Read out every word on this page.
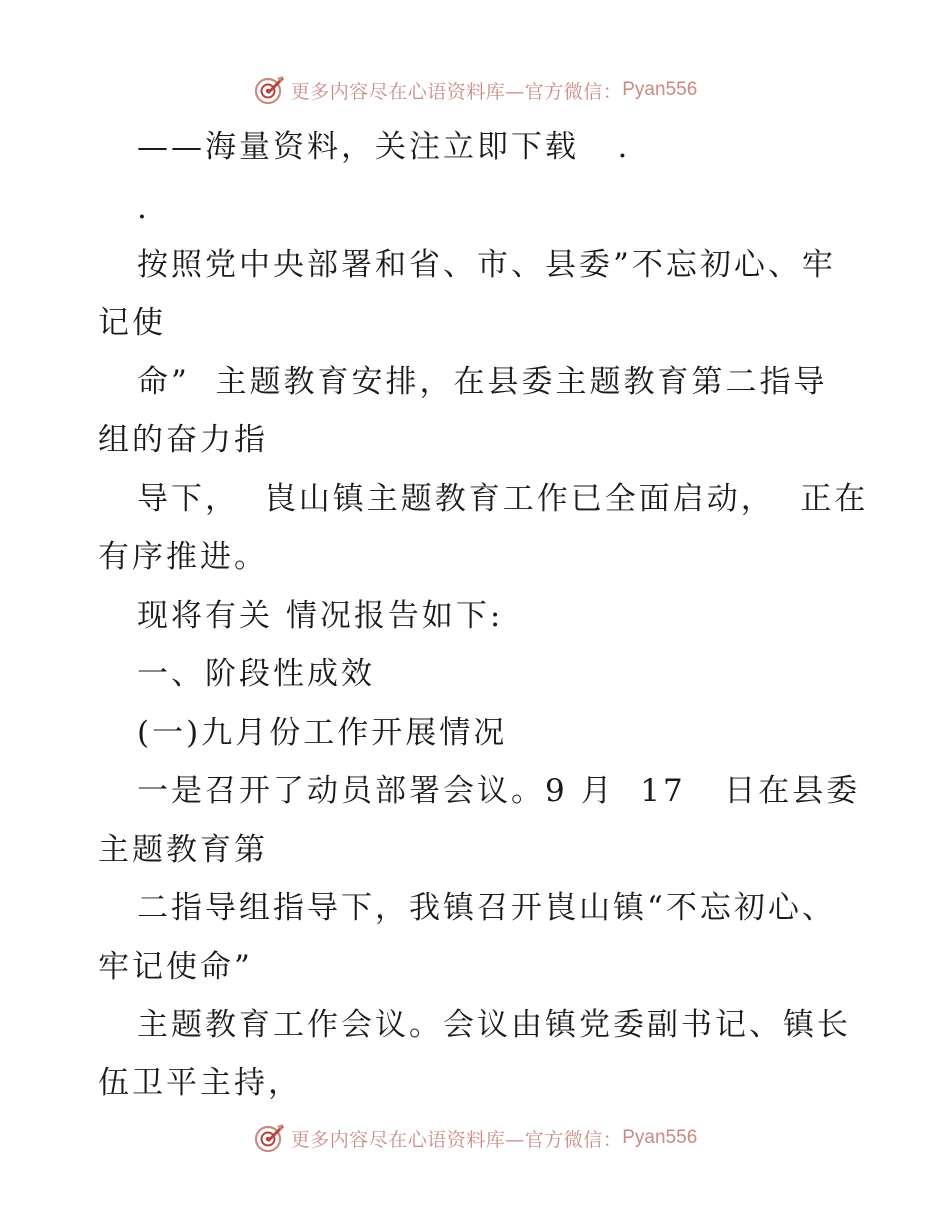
更多内容尽在心语资料库—官方微信： Pyan556
——海量资料，关注立即下载   .
.
按照党中央部署和省、市、县委”不忘初心、牢
记使
命”  主题教育安排，在县委主题教育第二指导
组的奋力指
导下，  崀山镇主题教育工作已全面启动，  正在
有序推进。
现将有关 情况报告如下:
一、阶段性成效
(一)九月份工作开展情况
一是召开了动员部署会议。9 月  17   日在县委
主题教育第
二指导组指导下，我镇召开崀山镇“不忘初心、
牢记使命”
主题教育工作会议。会议由镇党委副书记、镇长
伍卫平主持，
更多内容尽在心语资料库—官方微信： Pyan556
